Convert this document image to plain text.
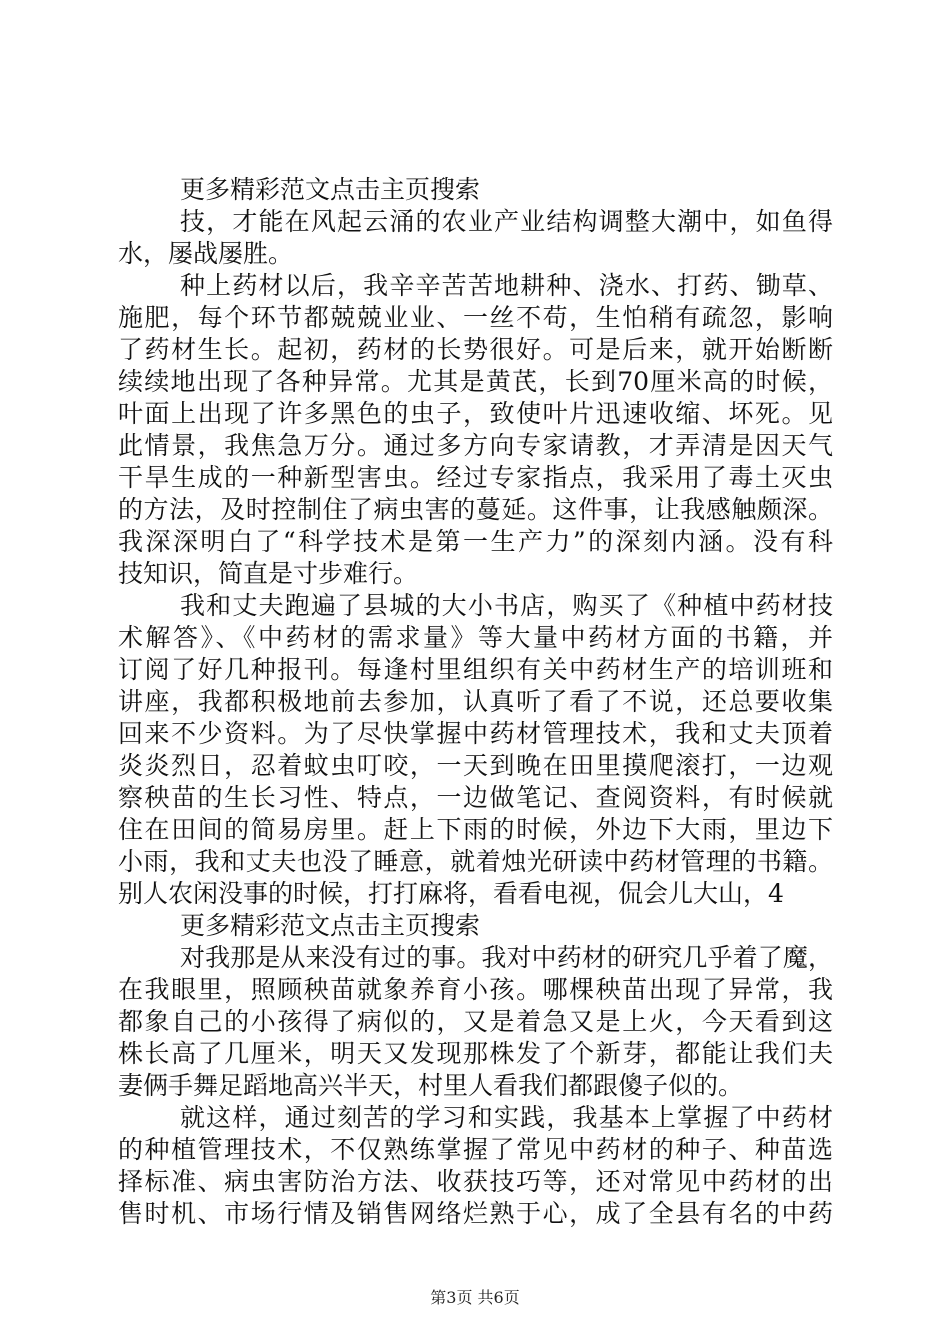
更多精彩范文点击主页搜索
技，才能在风起云涌的农业产业结构调整大潮中，如鱼得
水，屡战屡胜。
种上药材以后，我辛辛苦苦地耕种、浇水、打药、锄草、
施肥，每个环节都兢兢业业、一丝不苟，生怕稍有疏忽，影响
了药材生长。起初，药材的长势很好。可是后来，就开始断断
续续地出现了各种异常。尤其是黄芪，长到70厘米高的时候，
叶面上出现了许多黑色的虫子，致使叶片迅速收缩、坏死。见
此情景，我焦急万分。通过多方向专家请教，才弄清是因天气
干旱生成的一种新型害虫。经过专家指点，我采用了毒土灭虫
的方法，及时控制住了病虫害的蔓延。这件事，让我感触颇深。
我深深明白了“科学技术是第一生产力”的深刻内涵。没有科
技知识，简直是寸步难行。
我和丈夫跑遍了县城的大小书店，购买了《种植中药材技
术解答》、《中药材的需求量》等大量中药材方面的书籍，并
订阅了好几种报刊。每逢村里组织有关中药材生产的培训班和
讲座，我都积极地前去参加，认真听了看了不说，还总要收集
回来不少资料。为了尽快掌握中药材管理技术，我和丈夫顶着
炎炎烈日，忍着蚊虫叮咬，一天到晚在田里摸爬滚打，一边观
察秧苗的生长习性、特点，一边做笔记、查阅资料，有时候就
住在田间的简易房里。赶上下雨的时候，外边下大雨，里边下
小雨，我和丈夫也没了睡意，就着烛光研读中药材管理的书籍。
别人农闲没事的时候，打打麻将，看看电视，侃会儿大山，4
更多精彩范文点击主页搜索
对我那是从来没有过的事。我对中药材的研究几乎着了魔，
在我眼里，照顾秧苗就象养育小孩。哪棵秧苗出现了异常，我
都象自己的小孩得了病似的，又是着急又是上火，今天看到这
株长高了几厘米，明天又发现那株发了个新芽，都能让我们夫
妻俩手舞足蹈地高兴半天，村里人看我们都跟傻子似的。
就这样，通过刻苦的学习和实践，我基本上掌握了中药材
的种植管理技术，不仅熟练掌握了常见中药材的种子、种苗选
择标准、病虫害防治方法、收获技巧等，还对常见中药材的出
售时机、市场行情及销售网络烂熟于心，成了全县有名的中药
第3页 共6页
